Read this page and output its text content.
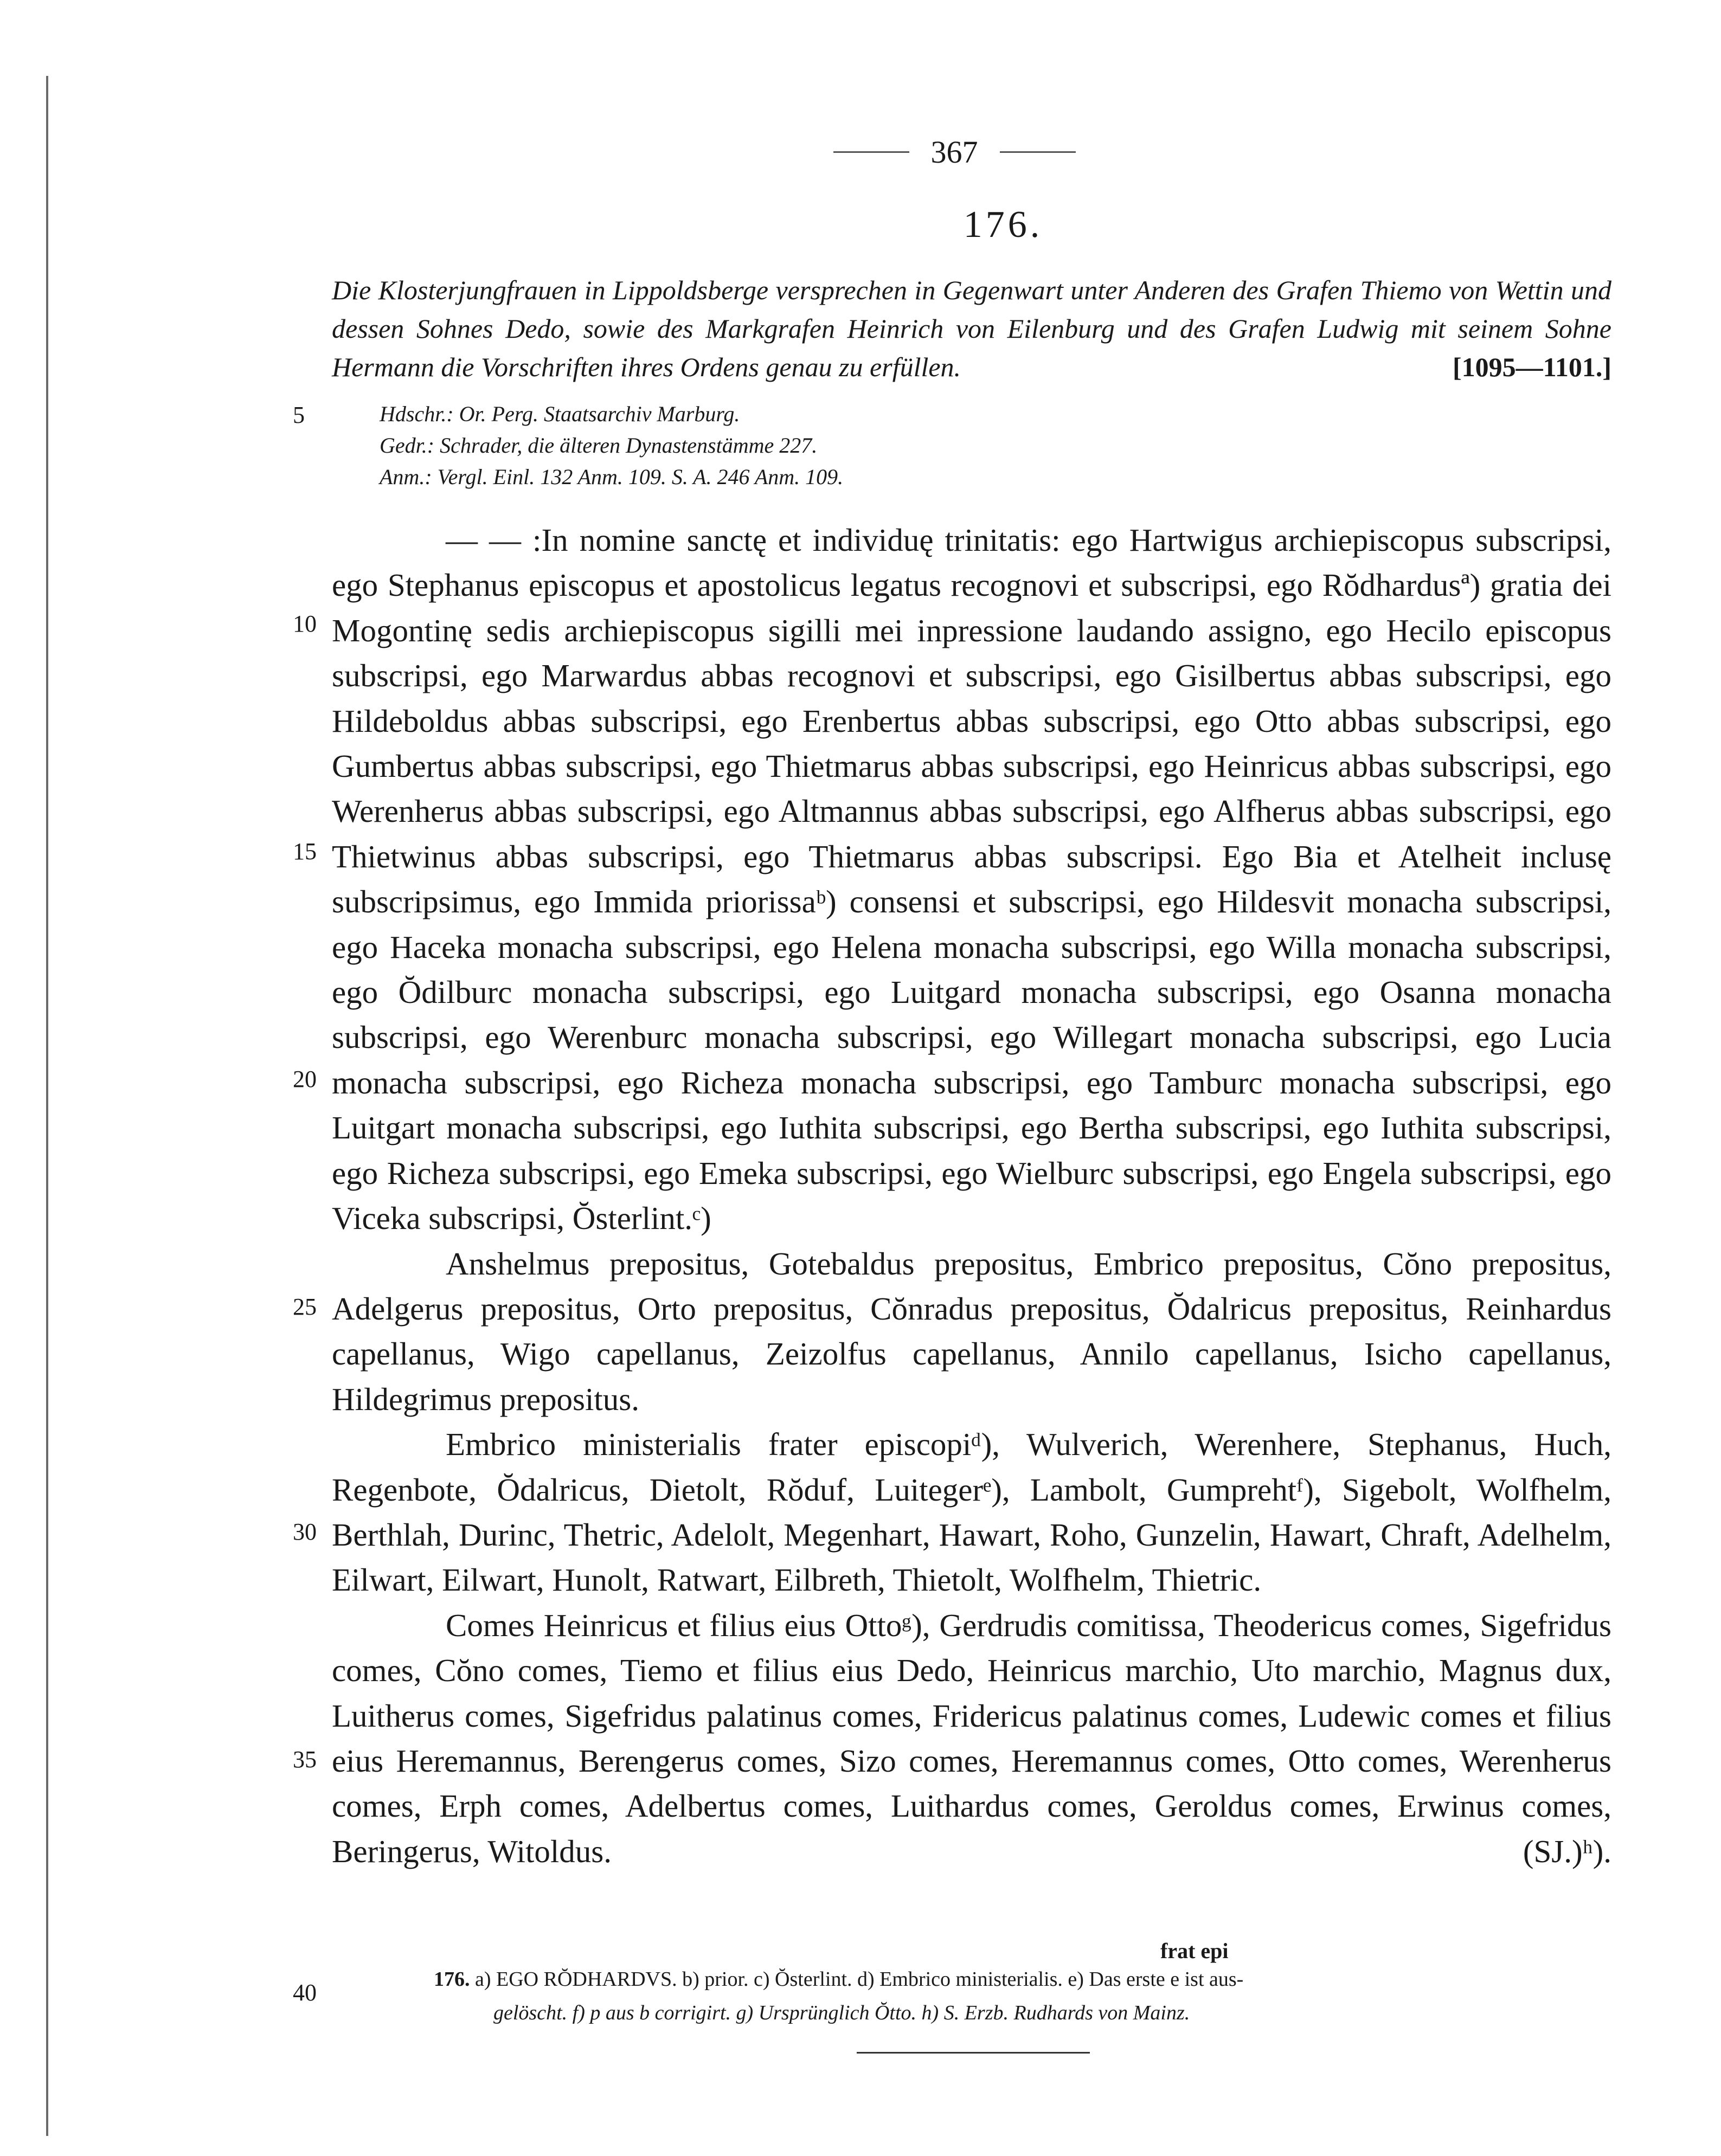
367
176.
Die Klosterjungfrauen in Lippoldsberge versprechen in Gegenwart unter Anderen des Grafen Thiemo von Wettin und dessen Sohnes Dedo, sowie des Markgrafen Heinrich von Eilenburg und des Grafen Ludwig mit seinem Sohne Hermann die Vorschriften ihres Ordens genau zu erfüllen.	[1095—1101.]
Hdschr.: Or. Perg. Staatsarchiv Marburg.
Gedr.: Schrader, die älteren Dynastenstämme 227.
Anm.: Vergl. Einl. 132 Anm. 109. S. A. 246 Anm. 109.
5
10
15
20
25
30
35
40

— — :In nomine sanctę et individuę trinitatis: ego Hartwigus archiepiscopus subscripsi, ego Stephanus episcopus et apostolicus legatus recognovi et subscripsi, ego Rŏdhardusª) gratia dei Mogontinę sedis archiepiscopus sigilli mei inpressione laudando assigno, ego Hecilo episcopus subscripsi, ego Marwardus abbas recognovi et subscripsi, ego Gisilbertus abbas subscripsi, ego Hildeboldus abbas subscripsi, ego Erenbertus abbas subscripsi, ego Otto abbas subscripsi, ego Gumbertus abbas subscripsi, ego Thietmarus abbas subscripsi, ego Heinricus abbas subscripsi, ego Werenherus abbas subscripsi, ego Altmannus abbas subscripsi, ego Alfherus abbas subscripsi, ego Thietwinus abbas subscripsi, ego Thietmarus abbas subscripsi. Ego Bia et Atelheit inclusę subscripsimus, ego Immida priorissaᵇ) consensi et subscripsi, ego Hildesvit monacha subscripsi, ego Haceka monacha subscripsi, ego Helena monacha subscripsi, ego Willa monacha subscripsi, ego Ŏdilburc monacha subscripsi, ego Luitgard monacha subscripsi, ego Osanna monacha subscripsi, ego Werenburc monacha subscripsi, ego Willegart monacha subscripsi, ego Lucia monacha subscripsi, ego Richeza monacha subscripsi, ego Tamburc monacha subscripsi, ego Luitgart monacha subscripsi, ego Iuthita subscripsi, ego Bertha subscripsi, ego Iuthita subscripsi, ego Richeza subscripsi, ego Emeka subscripsi, ego Wielburc subscripsi, ego Engela subscripsi, ego Viceka subscripsi, Ŏsterlint.ᶜ)

Anshelmus prepositus, Gotebaldus prepositus, Embrico prepositus, Cŏno prepositus, Adelgerus prepositus, Orto prepositus, Cŏnradus prepositus, Ŏdalricus prepositus, Reinhardus capellanus, Wigo capellanus, Zeizolfus capellanus, Annilo capellanus, Isicho capellanus, Hildegrimus prepositus.

Embrico ministerialis frater episcopiᵈ), Wulverich, Werenhere, Stephanus, Huch, Regenbote, Ŏdalricus, Dietolt, Rŏduf, Luitegerᵉ), Lambolt, Gumprehtᶠ), Sigebolt, Wolfhelm, Berthlah, Durinc, Thetric, Adelolt, Megenhart, Hawart, Roho, Gunzelin, Hawart, Chraft, Adelhelm, Eilwart, Eilwart, Hunolt, Ratwart, Eilbreth, Thietolt, Wolfhelm, Thietric.

Comes Heinricus et filius eius Ottoᵍ), Gerdrudis comitissa, Theodericus comes, Sigefridus comes, Cŏno comes, Tiemo et filius eius Dedo, Heinricus marchio, Uto marchio, Magnus dux, Luitherus comes, Sigefridus palatinus comes, Fridericus palatinus comes, Ludewic comes et filius eius Heremannus, Berengerus comes, Sizo comes, Heremannus comes, Otto comes, Werenherus comes, Erph comes, Adelbertus comes, Luithardus comes, Geroldus comes, Erwinus comes, Beringerus, Witoldus.	(SJ.)ʰ).

frat epi
176. a) EGO RŎDHARDVS. b) prior. c) Ŏsterlint. d) Embrico ministerialis. e) Das erste e ist aus-
gelöscht. f) p aus b corrigirt. g) Ursprünglich Ŏtto. h) S. Erzb. Rudhards von Mainz.
